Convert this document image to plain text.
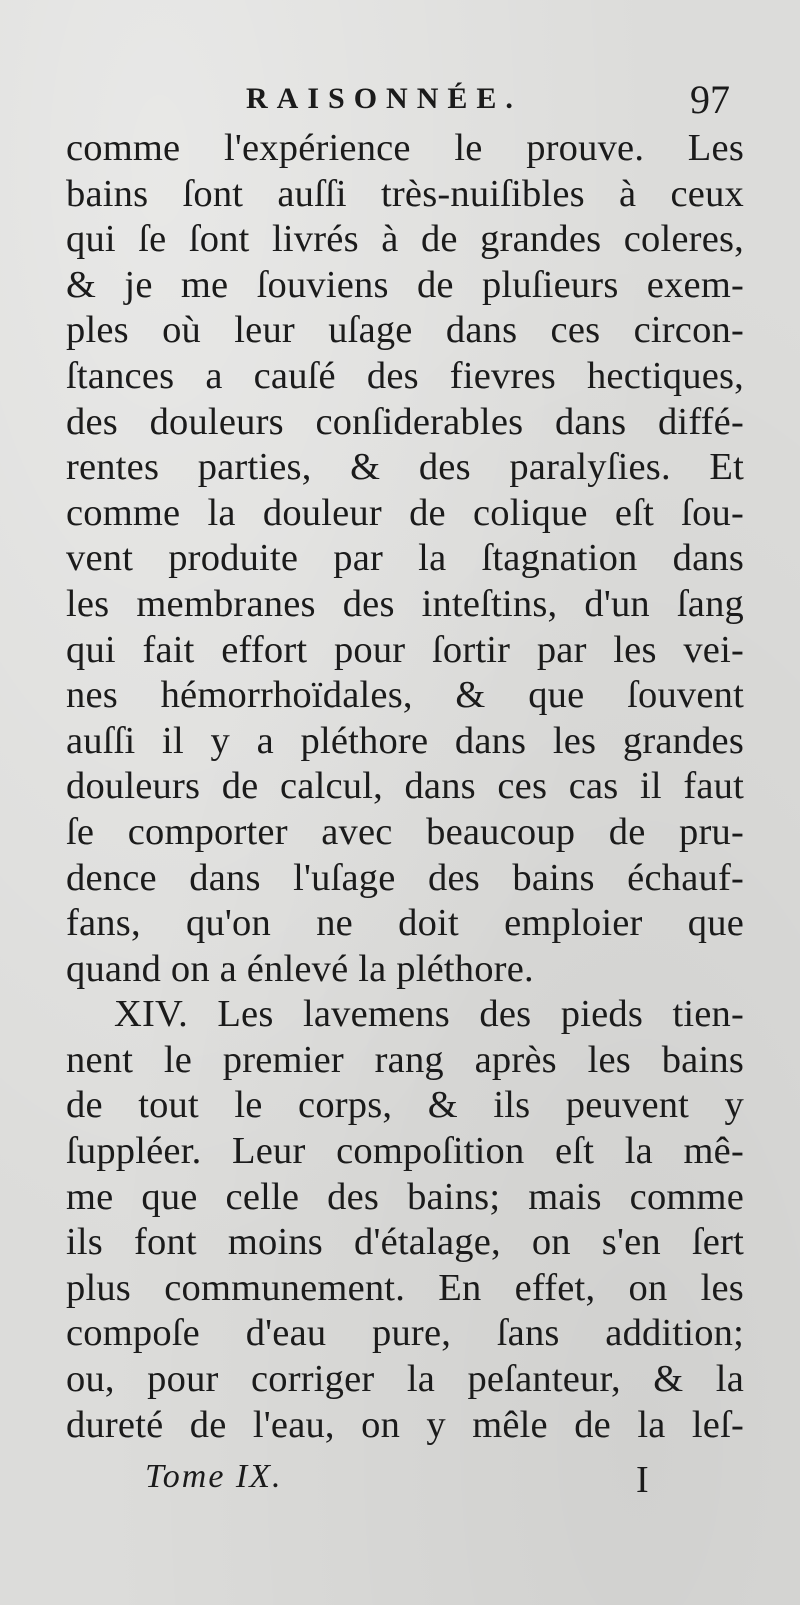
RAISONNÉE.	97
comme l'expérience le prouve. Les
bains ſont auſſi très-nuiſibles à ceux
qui ſe ſont livrés à de grandes coleres,
& je me ſouviens de pluſieurs exem-
ples où leur uſage dans ces circon-
ſtances a cauſé des fievres hectiques,
des douleurs conſiderables dans diffé-
rentes parties, & des paralyſies. Et
comme la douleur de colique eſt ſou-
vent produite par la ſtagnation dans
les membranes des inteſtins, d'un ſang
qui fait effort pour ſortir par les vei-
nes hémorrhoïdales, & que ſouvent
auſſi il y a pléthore dans les grandes
douleurs de calcul, dans ces cas il faut
ſe comporter avec beaucoup de pru-
dence dans l'uſage des bains échauf-
fans, qu'on ne doit emploier que
quand on a énlevé la pléthore.
XIV. Les lavemens des pieds tien-
nent le premier rang après les bains
de tout le corps, & ils peuvent y
ſuppléer. Leur compoſition eſt la mê-
me que celle des bains; mais comme
ils font moins d'étalage, on s'en ſert
plus communement. En effet, on les
compoſe d'eau pure, ſans addition;
ou, pour corriger la peſanteur, & la
dureté de l'eau, on y mêle de la leſ-
Tome IX.	I
